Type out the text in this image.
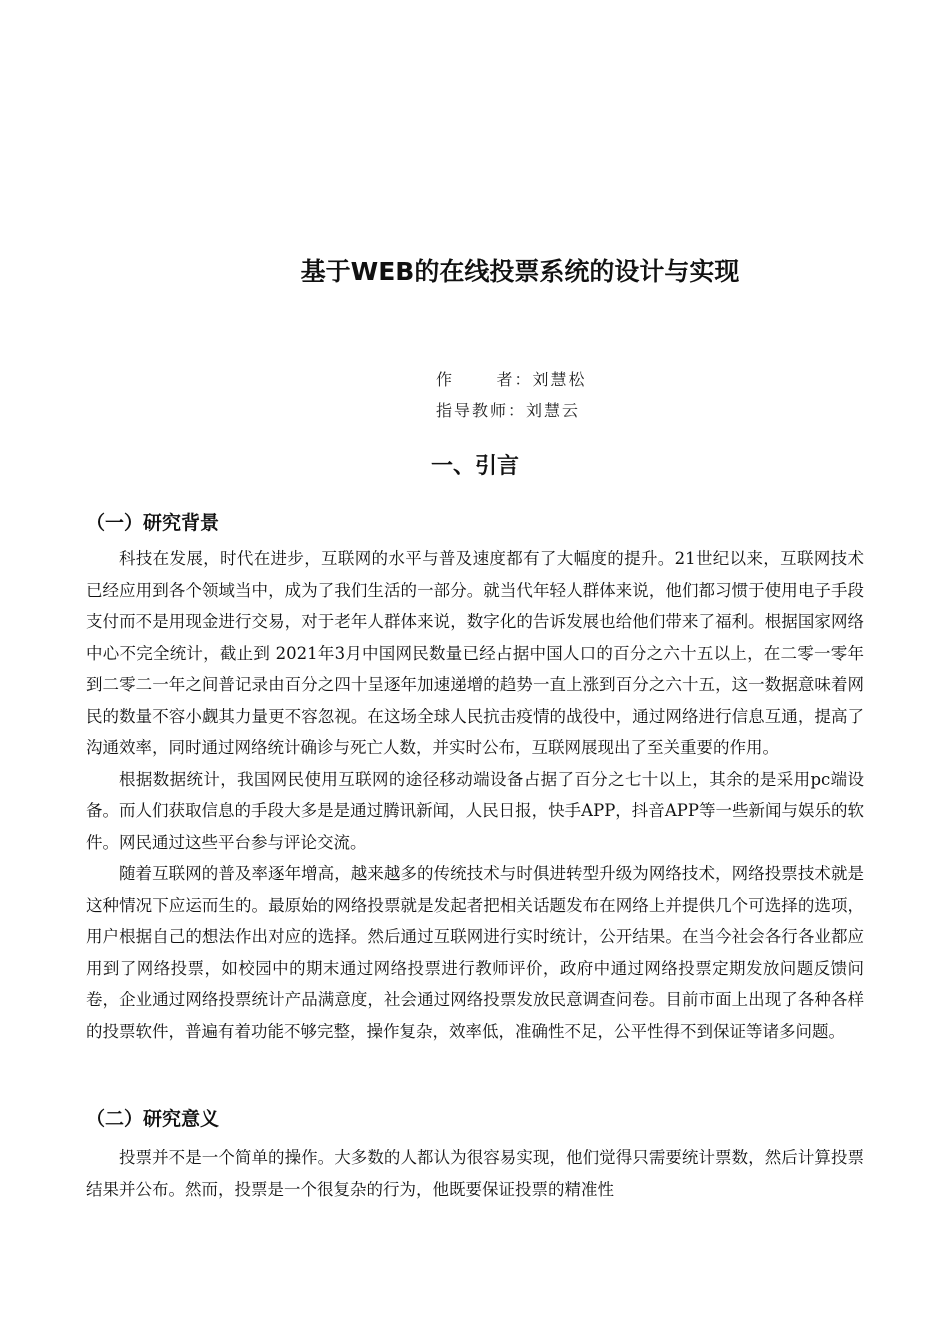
基于WEB的在线投票系统的设计与实现
作      者：刘慧松
指导教师：刘慧云
一、引言
（一）研究背景

科技在发展，时代在进步，互联网的水平与普及速度都有了大幅度的提升。21世纪以来，互联网技术已经应用到各个领域当中，成为了我们生活的一部分。就当代年轻人群体来说，他们都习惯于使用电子手段支付而不是用现金进行交易，对于老年人群体来说，数字化的告诉发展也给他们带来了福利。根据国家网络中心不完全统计，截止到 2021年3月中国网民数量已经占据中国人口的百分之六十五以上，在二零一零年到二零二一年之间普记录由百分之四十呈逐年加速递增的趋势一直上涨到百分之六十五，这一数据意味着网民的数量不容小觑其力量更不容忽视。在这场全球人民抗击疫情的战役中，通过网络进行信息互通，提高了沟通效率，同时通过网络统计确诊与死亡人数，并实时公布，互联网展现出了至关重要的作用。

根据数据统计，我国网民使用互联网的途径移动端设备占据了百分之七十以上，其余的是采用pc端设备。而人们获取信息的手段大多是是通过腾讯新闻，人民日报，快手APP，抖音APP等一些新闻与娱乐的软件。网民通过这些平台参与评论交流。

随着互联网的普及率逐年增高，越来越多的传统技术与时俱进转型升级为网络技术，网络投票技术就是这种情况下应运而生的。最原始的网络投票就是发起者把相关话题发布在网络上并提供几个可选择的选项，用户根据自己的想法作出对应的选择。然后通过互联网进行实时统计，公开结果。在当今社会各行各业都应用到了网络投票，如校园中的期末通过网络投票进行教师评价，政府中通过网络投票定期发放问题反馈问卷，企业通过网络投票统计产品满意度，社会通过网络投票发放民意调查问卷。目前市面上出现了各种各样的投票软件，普遍有着功能不够完整，操作复杂，效率低，准确性不足，公平性得不到保证等诸多问题。

（二）研究意义

投票并不是一个简单的操作。大多数的人都认为很容易实现，他们觉得只需要统计票数，然后计算投票结果并公布。然而，投票是一个很复杂的行为，他既要保证投票的精准性
